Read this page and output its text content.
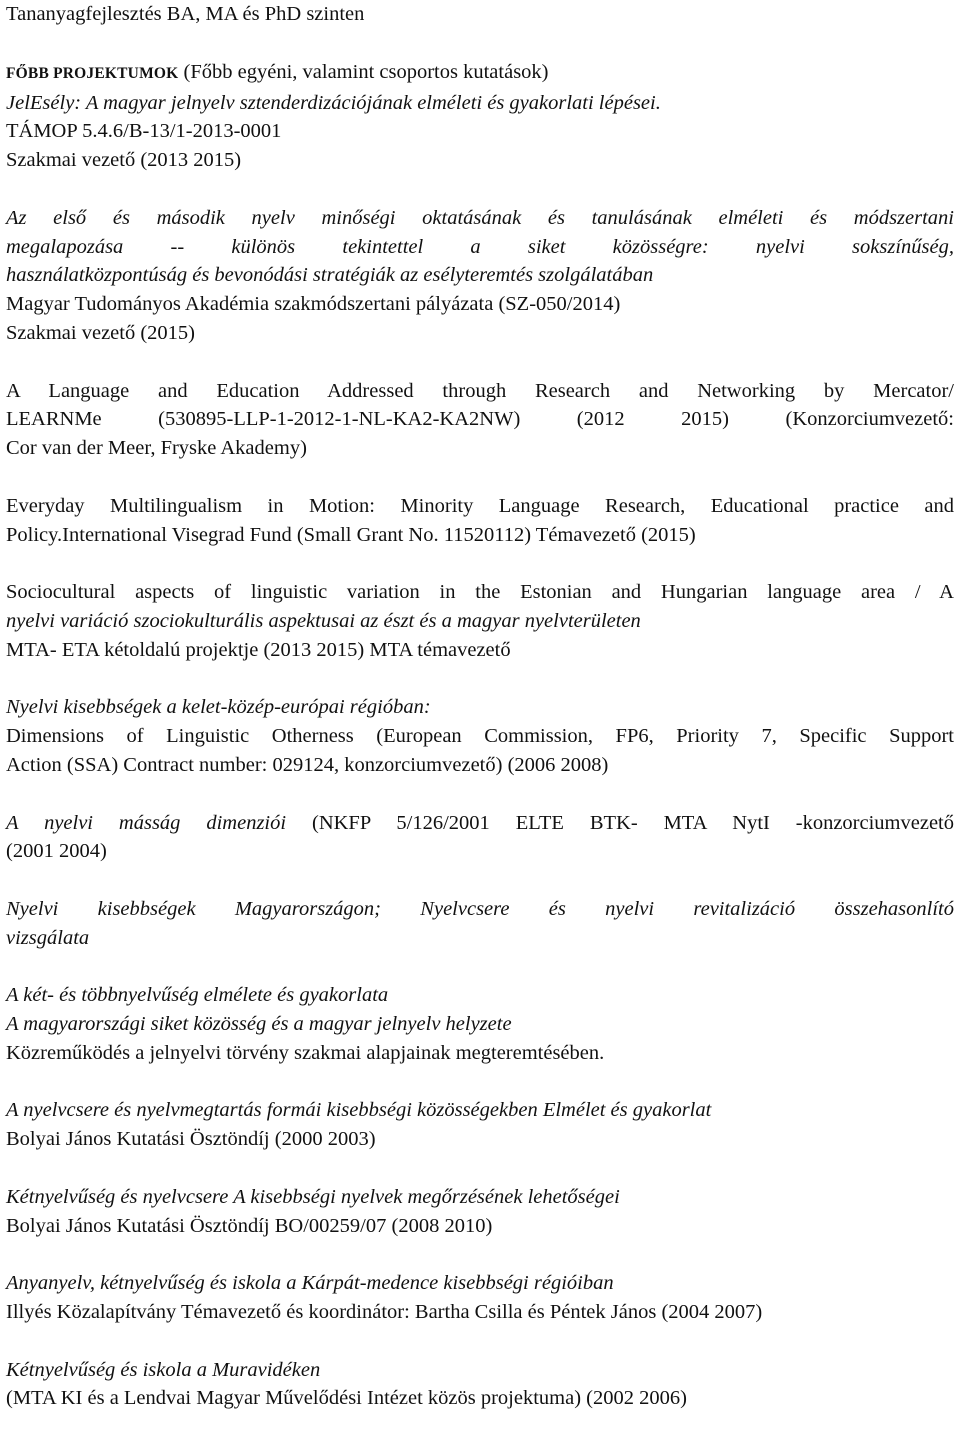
Tananyagfejlesztés BA, MA és PhD szinten
FŐBB PROJEKTUMOK (Főbb egyéni, valamint csoportos kutatások)
JelEsély: A magyar jelnyelv sztenderdizációjának elméleti és gyakorlati lépései.
TÁMOP 5.4.6/B-13/1-2013-0001
Szakmai vezető (2013 2015)
Az első és második nyelv minőségi oktatásának és tanulásának elméleti és módszertani
megalapozása -- különös tekintettel a siket közösségre: nyelvi sokszínűség,
használatközpontúság és bevonódási stratégiák az esélyteremtés szolgálatában
Magyar Tudományos Akadémia szakmódszertani pályázata (SZ-050/2014)
Szakmai vezető (2015)
A Language and Education Addressed through Research and Networking by Mercator/
LEARNMe (530895-LLP-1-2012-1-NL-KA2-KA2NW) (2012 2015) (Konzorciumvezető:
Cor van der Meer, Fryske Akademy)
Everyday Multilingualism in Motion: Minority Language Research, Educational practice and
Policy.International Visegrad Fund (Small Grant No. 11520112) Témavezető (2015)
Sociocultural aspects of linguistic variation in the Estonian and Hungarian language area / A
nyelvi variáció szociokulturális aspektusai az észt és a magyar nyelvterületen
MTA- ETA kétoldalú projektje (2013 2015) MTA témavezető
Nyelvi kisebbségek a kelet-közép-európai régióban:
Dimensions of Linguistic Otherness (European Commission, FP6, Priority 7, Specific Support
Action (SSA) Contract number: 029124, konzorciumvezető) (2006 2008)
A nyelvi másság dimenziói (NKFP 5/126/2001 ELTE BTK- MTA NytI -konzorciumvezető
(2001 2004)
Nyelvi kisebbségek Magyarországon; Nyelvcsere és nyelvi revitalizáció összehasonlító
vizsgálata
A két- és többnyelvűség elmélete és gyakorlata
A magyarországi siket közösség és a magyar jelnyelv helyzete
Közreműködés a jelnyelvi törvény szakmai alapjainak megteremtésében.
A nyelvcsere és nyelvmegtartás formái kisebbségi közösségekben Elmélet és gyakorlat
Bolyai János Kutatási Ösztöndíj (2000 2003)
Kétnyelvűség és nyelvcsere A kisebbségi nyelvek megőrzésének lehetőségei
Bolyai János Kutatási Ösztöndíj BO/00259/07 (2008 2010)
Anyanyelv, kétnyelvűség és iskola a Kárpát-medence kisebbségi régióiban
Illyés Közalapítvány Témavezető és koordinátor: Bartha Csilla és Péntek János (2004 2007)
Kétnyelvűség és iskola a Muravidéken
(MTA KI és a Lendvai Magyar Művelődési Intézet közös projektuma) (2002 2006)
